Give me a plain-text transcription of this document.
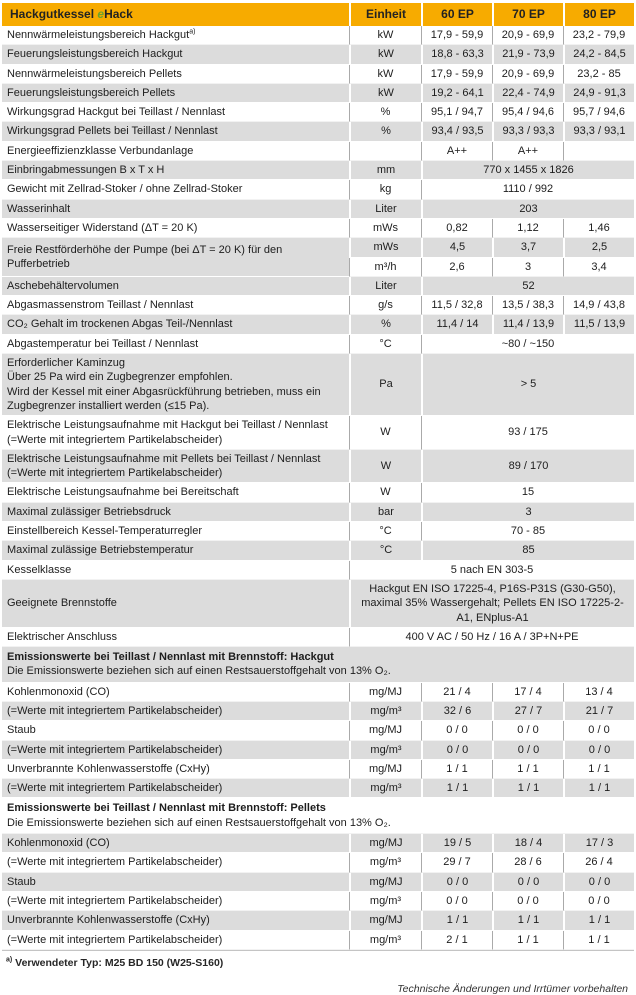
Hackgutkessel eHack	Einheit	60 EP	70 EP	80 EP
Nennwärmeleistungsbereich Hackgut$^{a)}$	kW	17,9 - 59,9	20,9 - 69,9	23,2 - 79,9
Feuerungsleistungsbereich Hackgut	kW	18,8 - 63,3	21,9 - 73,9	24,2 - 84,5
Nennwärmeleistungsbereich Pellets	kW	17,9 - 59,9	20,9 - 69,9	23,2 - 85
Feuerungsleistungsbereich Pellets	kW	19,2 - 64,1	22,4 - 74,9	24,9 - 91,3
Wirkungsgrad Hackgut bei Teillast / Nennlast	%	95,1 / 94,7	95,4 / 94,6	95,7 / 94,6
Wirkungsgrad Pellets bei Teillast / Nennlast	%	93,4 / 93,5	93,3 / 93,3	93,3 / 93,1
Energieeffizienzklasse Verbundanlage		A++	A++	
Einbringabmessungen B x T x H	mm	770 x 1455 x 1826		
Gewicht mit Zellrad-Stoker / ohne Zellrad-Stoker	kg	1110 / 992		
Wasserinhalt	Liter	203		
Wasserseitiger Widerstand (ΔT = 20 K)	mWs	0,82	1,12	1,46
Freie Restförderhöhe der Pumpe (bei ΔT = 20 K) für den Pufferbetrieb	mWs	4,5	3,7	2,5
	m³/h	2,6	3	3,4
Aschebehältervolumen	Liter	52		
Abgasmassenstrom Teillast / Nennlast	g/s	11,5 / 32,8	13,5 / 38,3	14,9 / 43,8
CO₂ Gehalt im trockenen Abgas Teil-/Nennlast	%	11,4 / 14	11,4 / 13,9	11,5 / 13,9
Abgastemperatur bei Teillast / Nennlast	°C	~80 / ~150		

Erforderlicher Kaminzug
Über 25 Pa wird ein Zugbegrenzer empfohlen.
Wird der Kessel mit einer Abgasrückführung betrieben, muss ein
Zugbegrenzer installiert werden (≤15 Pa).	Pa	> 5		

Elektrische Leistungsaufnahme mit Hackgut bei Teillast / Nennlast
(=Werte mit integriertem Partikelabscheider)	W	93 / 175		

Elektrische Leistungsaufnahme mit Pellets bei Teillast / Nennlast
(=Werte mit integriertem Partikelabscheider)	W	89 / 170		
Elektrische Leistungsaufnahme bei Bereitschaft	W	15		
Maximal zulässiger Betriebsdruck	bar	3		
Einstellbereich Kessel-Temperaturregler	°C	70 - 85		
Maximal zulässige Betriebstemperatur	°C	85		
Kesselklasse	5 nach EN 303-5			
Geeignete Brennstoffe	Hackgut EN ISO 17225-4, P16S-P31S (G30-G50), maximal 35% Wassergehalt; Pellets EN ISO 17225-2-A1, ENplus-A1			
Elektrischer Anschluss	400 V AC / 50 Hz / 16 A / 3P+N+PE			

Emissionswerte bei Teillast / Nennlast mit Brennstoff: Hackgut
Die Emissionswerte beziehen sich auf einen Restsauerstoffgehalt von 13% O₂.				

Kohlenmonoxid (CO)	mg/MJ	21 / 4	17 / 4	13 / 4
(=Werte mit integriertem Partikelabscheider)	mg/m³	32 / 6	27 / 7	21 / 7
Staub	mg/MJ	0 / 0	0 / 0	0 / 0
(=Werte mit integriertem Partikelabscheider)	mg/m³	0 / 0	0 / 0	0 / 0
Unverbrannte Kohlenwasserstoffe (CxHy)	mg/MJ	1 / 1	1 / 1	1 / 1
(=Werte mit integriertem Partikelabscheider)	mg/m³	1 / 1	1 / 1	1 / 1

Emissionswerte bei Teillast / Nennlast mit Brennstoff: Pellets
Die Emissionswerte beziehen sich auf einen Restsauerstoffgehalt von 13% O₂.				

Kohlenmonoxid (CO)	mg/MJ	19 / 5	18 / 4	17 / 3
(=Werte mit integriertem Partikelabscheider)	mg/m³	29 / 7	28 / 6	26 / 4
Staub	mg/MJ	0 / 0	0 / 0	0 / 0
(=Werte mit integriertem Partikelabscheider)	mg/m³	0 / 0	0 / 0	0 / 0
Unverbrannte Kohlenwasserstoffe (CxHy)	mg/MJ	1 / 1	1 / 1	1 / 1
(=Werte mit integriertem Partikelabscheider)	mg/m³	2 / 1	1 / 1	1 / 1
$^{a)}$ Verwendeter Typ: M25 BD 150 (W25-S160)
Technische Änderungen und Irrtümer vorbehalten
